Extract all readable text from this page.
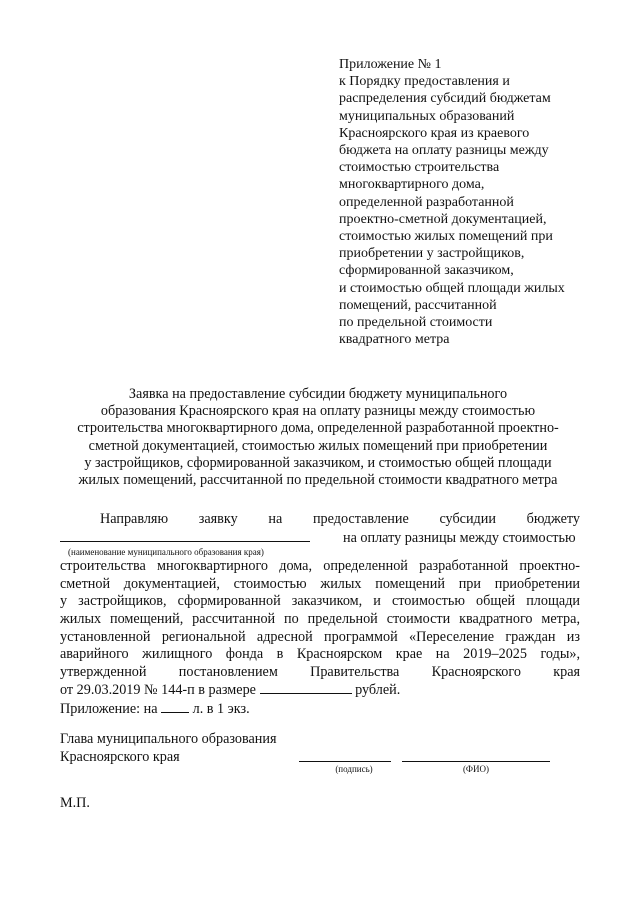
Приложение № 1
к Порядку предоставления и
распределения субсидий бюджетам
муниципальных образований
Красноярского края из краевого
бюджета на оплату разницы между
стоимостью строительства
многоквартирного дома,
определенной разработанной
проектно-сметной документацией,
стоимостью жилых помещений при
приобретении у застройщиков,
сформированной заказчиком,
и стоимостью общей площади жилых
помещений, рассчитанной
по предельной стоимости
квадратного метра
Заявка на предоставление субсидии бюджету муниципального
образования Красноярского края на оплату разницы между стоимостью
строительства многоквартирного дома, определенной разработанной проектно-
сметной документацией, стоимостью жилых помещений при приобретении
у застройщиков, сформированной заказчиком, и стоимостью общей площади
жилых помещений, рассчитанной по предельной стоимости квадратного метра
Направляю заявку на предоставление субсидии бюджету
на оплату разницы между стоимостью
(наименование муниципального образования края)
строительства многоквартирного дома, определенной разработанной проектно-
сметной документацией, стоимостью жилых помещений при приобретении
у застройщиков, сформированной заказчиком, и стоимостью общей площади
жилых помещений, рассчитанной по предельной стоимости квадратного метра,
установленной региональной адресной программой «Переселение граждан из
аварийного жилищного фонда в Красноярском крае на 2019–2025 годы»,
утвержденной постановлением Правительства Красноярского края
от 29.03.2019 № 144-п в размере	рублей.
Приложение: на л. в 1 экз.
Глава муниципального образования
Красноярского края
(подпись)	(ФИО)
М.П.
